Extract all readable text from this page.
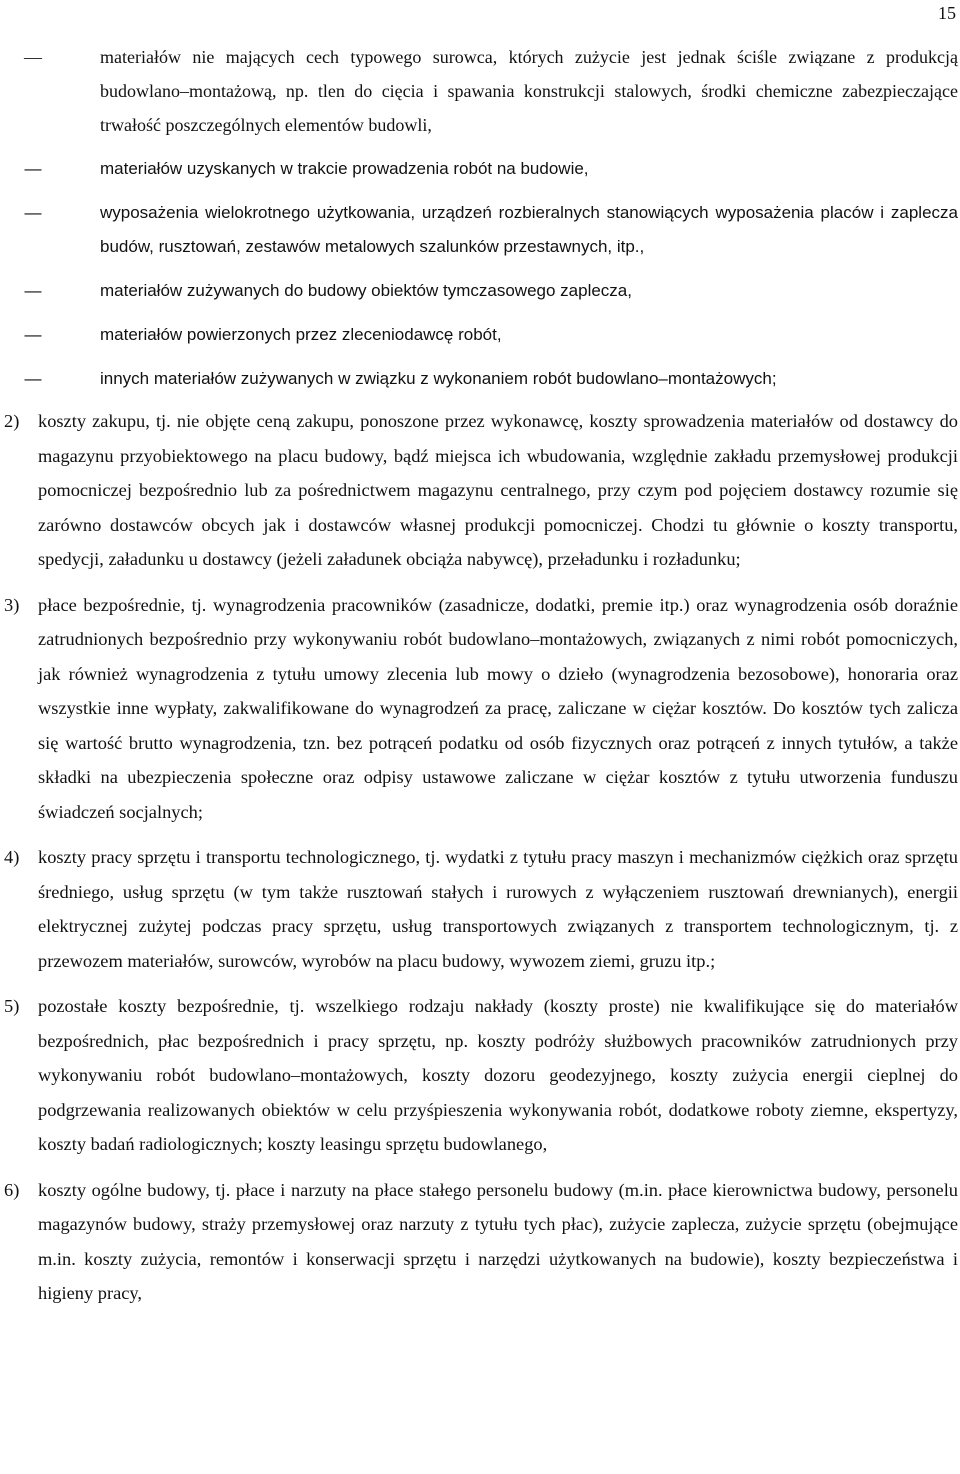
15
—	materiałów nie mających cech typowego surowca, których zużycie jest jednak ściśle związane z produkcją budowlano–montażową, np. tlen do cięcia i spawania konstrukcji stalowych, środki chemiczne zabezpieczające trwałość poszczególnych elementów budowli,
—	materiałów uzyskanych w trakcie prowadzenia robót na budowie,
—	wyposażenia wielokrotnego użytkowania, urządzeń rozbieralnych stanowiących wyposażenia placów i zaplecza budów, rusztowań, zestawów metalowych szalunków przestawnych, itp.,
—	materiałów zużywanych do budowy obiektów tymczasowego zaplecza,
—	materiałów powierzonych przez zleceniodawcę robót,
—	innych materiałów zużywanych w związku z wykonaniem robót budowlano–montażowych;
2) koszty zakupu, tj. nie objęte ceną zakupu, ponoszone przez wykonawcę, koszty sprowadzenia materiałów od dostawcy do magazynu przyobiektowego na placu budowy, bądź miejsca ich wbudowania, względnie zakładu przemysłowej produkcji pomocniczej bezpośrednio lub za pośrednictwem magazynu centralnego, przy czym pod pojęciem dostawcy rozumie się zarówno dostawców obcych jak i dostawców własnej produkcji pomocniczej. Chodzi tu głównie o koszty transportu, spedycji, załadunku u dostawcy (jeżeli załadunek obciąża nabywcę), przeładunku i rozładunku;
3) płace bezpośrednie, tj. wynagrodzenia pracowników (zasadnicze, dodatki, premie itp.) oraz wynagrodzenia osób doraźnie zatrudnionych bezpośrednio przy wykonywaniu robót budowlano–montażowych, związanych z nimi robót pomocniczych, jak również wynagrodzenia z tytułu umowy zlecenia lub mowy o dzieło (wynagrodzenia bezosobowe), honoraria oraz wszystkie inne wypłaty, zakwalifikowane do wynagrodzeń za pracę, zaliczane w ciężar kosztów. Do kosztów tych zalicza się wartość brutto wynagrodzenia, tzn. bez potrąceń podatku od osób fizycznych oraz potrąceń z innych tytułów, a także składki na ubezpieczenia społeczne oraz odpisy ustawowe zaliczane w ciężar kosztów z tytułu utworzenia funduszu świadczeń socjalnych;
4) koszty pracy sprzętu i transportu technologicznego, tj. wydatki z tytułu pracy maszyn i mechanizmów ciężkich oraz sprzętu średniego, usług sprzętu (w tym także rusztowań stałych i rurowych z wyłączeniem rusztowań drewnianych), energii elektrycznej zużytej podczas pracy sprzętu, usług transportowych związanych z transportem technologicznym, tj. z przewozem materiałów, surowców, wyrobów na placu budowy, wywozem ziemi, gruzu itp.;
5) pozostałe koszty bezpośrednie, tj. wszelkiego rodzaju nakłady (koszty proste) nie kwalifikujące się do materiałów bezpośrednich, płac bezpośrednich i pracy sprzętu, np. koszty podróży służbowych pracowników zatrudnionych przy wykonywaniu robót budowlano–montażowych, koszty dozoru geodezyjnego, koszty zużycia energii cieplnej do podgrzewania realizowanych obiektów w celu przyśpieszenia wykonywania robót, dodatkowe roboty ziemne, ekspertyzy, koszty badań radiologicznych; koszty leasingu sprzętu budowlanego,
6) koszty ogólne budowy, tj. płace i narzuty na płace stałego personelu budowy (m.in. płace kierownictwa budowy, personelu magazynów budowy, straży przemysłowej oraz narzuty z tytułu tych płac), zużycie zaplecza, zużycie sprzętu (obejmujące m.in. koszty zużycia, remontów i konserwacji sprzętu i narzędzi użytkowanych na budowie), koszty bezpieczeństwa i higieny pracy,
